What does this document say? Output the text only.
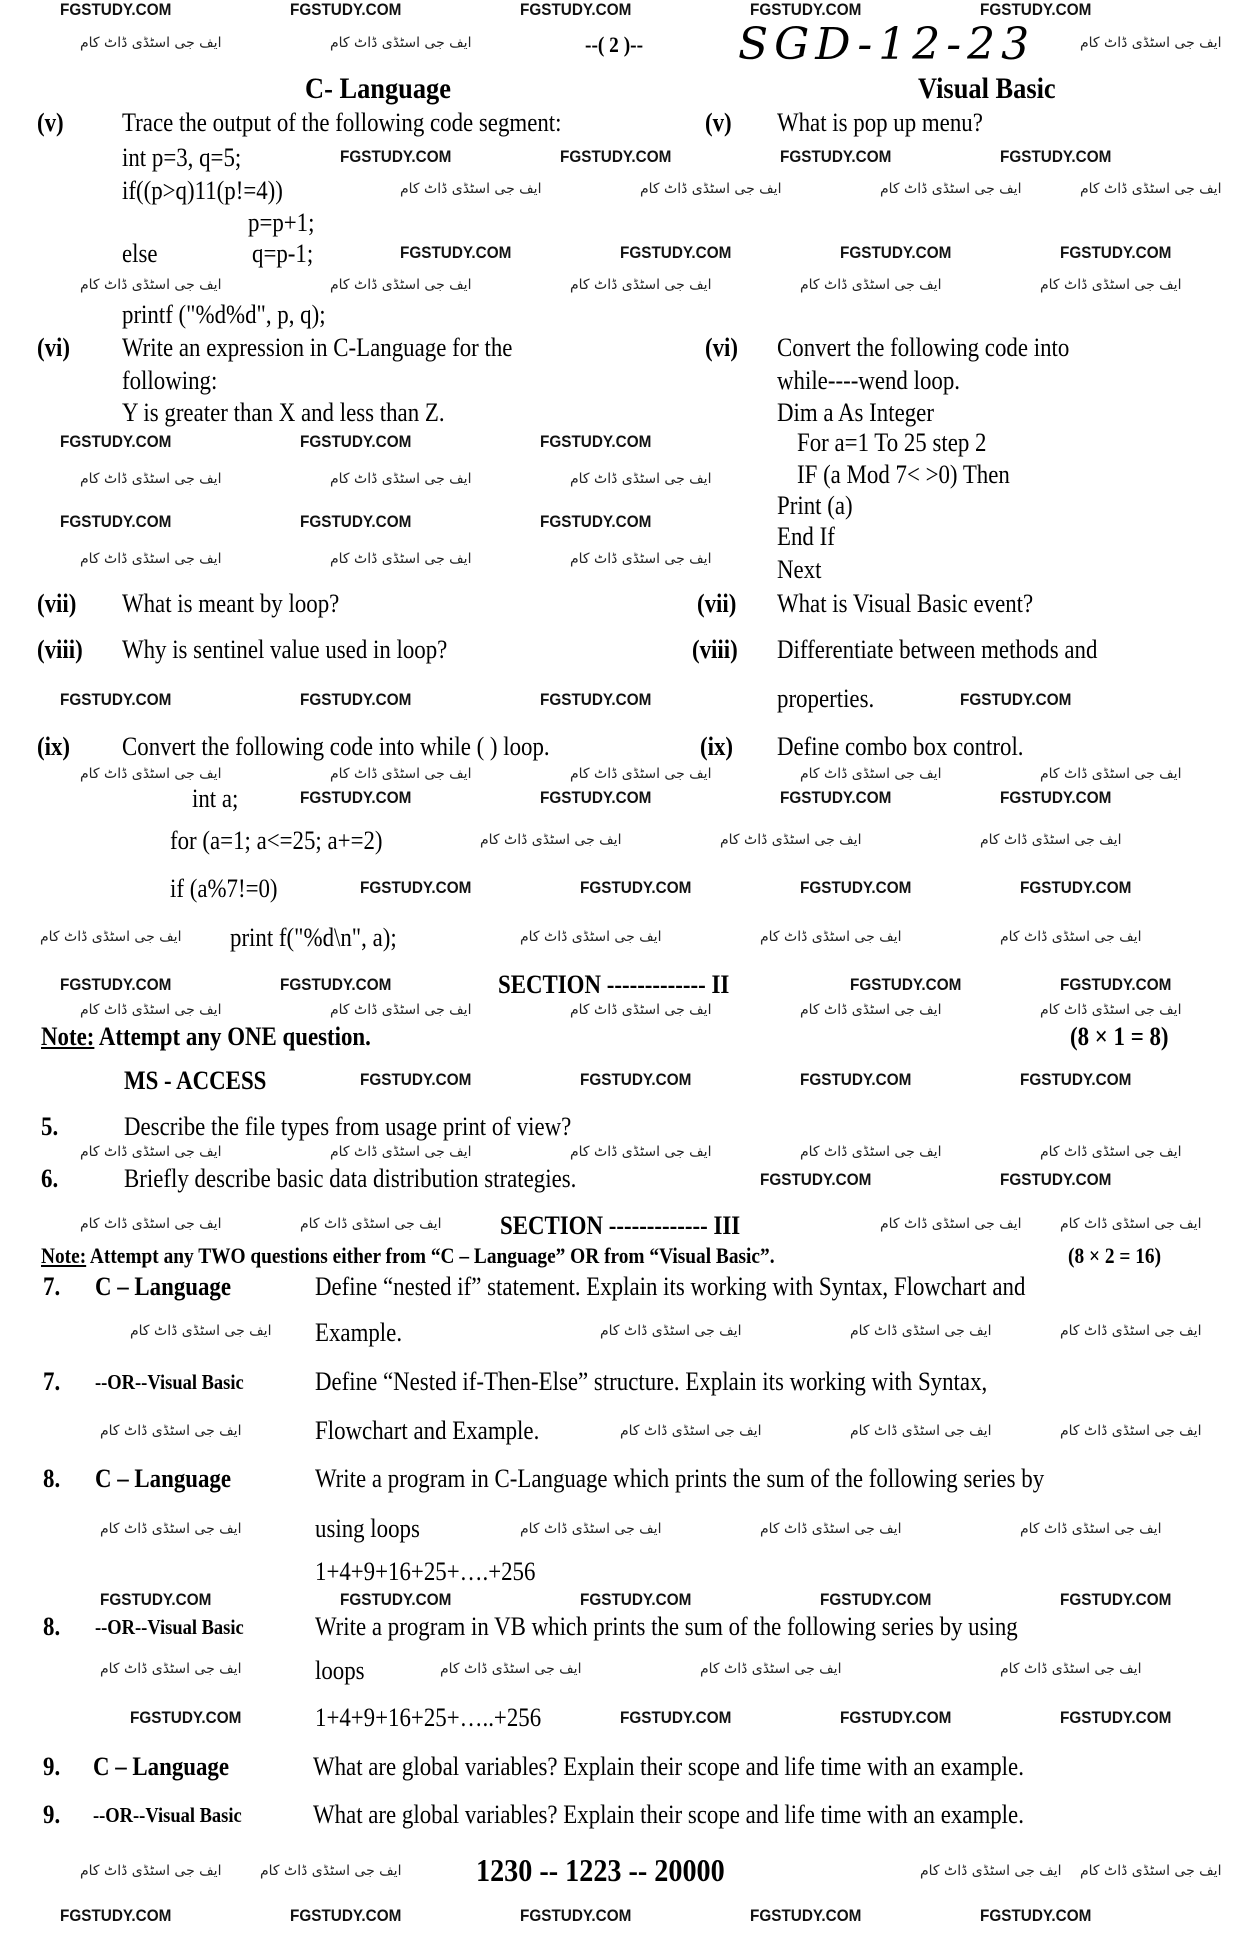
FGSTUDY.COM	FGSTUDY.COM	FGSTUDY.COM	FGSTUDY.COM	FGSTUDY.COM
FGSTUDY.COM	FGSTUDY.COM	FGSTUDY.COM	FGSTUDY.COM
FGSTUDY.COM	FGSTUDY.COM	FGSTUDY.COM	FGSTUDY.COM
FGSTUDY.COM	FGSTUDY.COM	FGSTUDY.COM
FGSTUDY.COM	FGSTUDY.COM	FGSTUDY.COM
FGSTUDY.COM	FGSTUDY.COM	FGSTUDY.COM	FGSTUDY.COM
FGSTUDY.COM	FGSTUDY.COM	FGSTUDY.COM	FGSTUDY.COM
FGSTUDY.COM	FGSTUDY.COM	FGSTUDY.COM	FGSTUDY.COM
FGSTUDY.COM	FGSTUDY.COM	FGSTUDY.COM	FGSTUDY.COM
FGSTUDY.COM	FGSTUDY.COM	FGSTUDY.COM	FGSTUDY.COM
FGSTUDY.COM	FGSTUDY.COM
FGSTUDY.COM	FGSTUDY.COM	FGSTUDY.COM	FGSTUDY.COM	FGSTUDY.COM
FGSTUDY.COM	FGSTUDY.COM	FGSTUDY.COM	FGSTUDY.COM
FGSTUDY.COM	FGSTUDY.COM	FGSTUDY.COM	FGSTUDY.COM	FGSTUDY.COM
ایف جی اسٹڈی ڈاٹ کام	ایف جی اسٹڈی ڈاٹ کام	ایف جی اسٹڈی ڈاٹ کام
ایف جی اسٹڈی ڈاٹ کام	ایف جی اسٹڈی ڈاٹ کام	ایف جی اسٹڈی ڈاٹ کام	ایف جی اسٹڈی ڈاٹ کام
ایف جی اسٹڈی ڈاٹ کام	ایف جی اسٹڈی ڈاٹ کام	ایف جی اسٹڈی ڈاٹ کام	ایف جی اسٹڈی ڈاٹ کام	ایف جی اسٹڈی ڈاٹ کام
ایف جی اسٹڈی ڈاٹ کام	ایف جی اسٹڈی ڈاٹ کام	ایف جی اسٹڈی ڈاٹ کام
ایف جی اسٹڈی ڈاٹ کام	ایف جی اسٹڈی ڈاٹ کام	ایف جی اسٹڈی ڈاٹ کام
ایف جی اسٹڈی ڈاٹ کام	ایف جی اسٹڈی ڈاٹ کام	ایف جی اسٹڈی ڈاٹ کام	ایف جی اسٹڈی ڈاٹ کام	ایف جی اسٹڈی ڈاٹ کام
ایف جی اسٹڈی ڈاٹ کام	ایف جی اسٹڈی ڈاٹ کام	ایف جی اسٹڈی ڈاٹ کام
ایف جی اسٹڈی ڈاٹ کام	ایف جی اسٹڈی ڈاٹ کام	ایف جی اسٹڈی ڈاٹ کام	ایف جی اسٹڈی ڈاٹ کام
ایف جی اسٹڈی ڈاٹ کام	ایف جی اسٹڈی ڈاٹ کام	ایف جی اسٹڈی ڈاٹ کام	ایف جی اسٹڈی ڈاٹ کام	ایف جی اسٹڈی ڈاٹ کام
ایف جی اسٹڈی ڈاٹ کام	ایف جی اسٹڈی ڈاٹ کام	ایف جی اسٹڈی ڈاٹ کام	ایف جی اسٹڈی ڈاٹ کام	ایف جی اسٹڈی ڈاٹ کام
ایف جی اسٹڈی ڈاٹ کام	ایف جی اسٹڈی ڈاٹ کام	ایف جی اسٹڈی ڈاٹ کام	ایف جی اسٹڈی ڈاٹ کام
ایف جی اسٹڈی ڈاٹ کام	ایف جی اسٹڈی ڈاٹ کام	ایف جی اسٹڈی ڈاٹ کام	ایف جی اسٹڈی ڈاٹ کام
ایف جی اسٹڈی ڈاٹ کام	ایف جی اسٹڈی ڈاٹ کام	ایف جی اسٹڈی ڈاٹ کام	ایف جی اسٹڈی ڈاٹ کام
ایف جی اسٹڈی ڈاٹ کام	ایف جی اسٹڈی ڈاٹ کام	ایف جی اسٹڈی ڈاٹ کام	ایف جی اسٹڈی ڈاٹ کام
ایف جی اسٹڈی ڈاٹ کام	ایف جی اسٹڈی ڈاٹ کام	ایف جی اسٹڈی ڈاٹ کام	ایف جی اسٹڈی ڈاٹ کام
ایف جی اسٹڈی ڈاٹ کام	ایف جی اسٹڈی ڈاٹ کام	ایف جی اسٹڈی ڈاٹ کام ایف جی اسٹڈی ڈاٹ کام
--( 2 )-- SGD-12-23
C- Language	Visual Basic
(v) Trace the output of the following code segment:	(v) What is pop up menu?
int p=3, q=5;
if((p>q)11(p!=4))
p=p+1;
else	q=p-1;
printf ("%d%d", p, q);
(vi) Write an expression in C-Language for the
following:
Y is greater than X and less than Z.
(vi) Convert the following code into
while----wend loop.
Dim a As Integer
For a=1 To 25 step 2
IF (a Mod 7< >0) Then
Print (a)
End If
Next
(vii) What is meant by loop?	(vii) What is Visual Basic event?
(viii) Why is sentinel value used in loop?	(viii) Differentiate between methods and
properties.
(ix) Convert the following code into while ( ) loop.	(ix) Define combo box control.
int a;
for (a=1; a<=25; a+=2)
if (a%7!=0)
print f("%d\n", a);
SECTION ------------- II
Note: Attempt any ONE question.	(8 × 1 = 8)
MS - ACCESS
5.	Describe the file types from usage print of view?
6.	Briefly describe basic data distribution strategies.
SECTION ------------- III
Note: Attempt any TWO questions either from “C – Language” OR from “Visual Basic”.	(8 × 2 = 16)
7. C – Language	Define “nested if” statement. Explain its working with Syntax, Flowchart and
Example.
7. --OR--Visual Basic	Define “Nested if-Then-Else” structure. Explain its working with Syntax,
Flowchart and Example.
8. C – Language	Write a program in C-Language which prints the sum of the following series by
using loops
1+4+9+16+25+….+256
8. --OR--Visual Basic	Write a program in VB which prints the sum of the following series by using
loops
1+4+9+16+25+…..+256
9. C – Language	What are global variables? Explain their scope and life time with an example.
9. --OR--Visual Basic	What are global variables? Explain their scope and life time with an example.
1230 -- 1223 -- 20000
